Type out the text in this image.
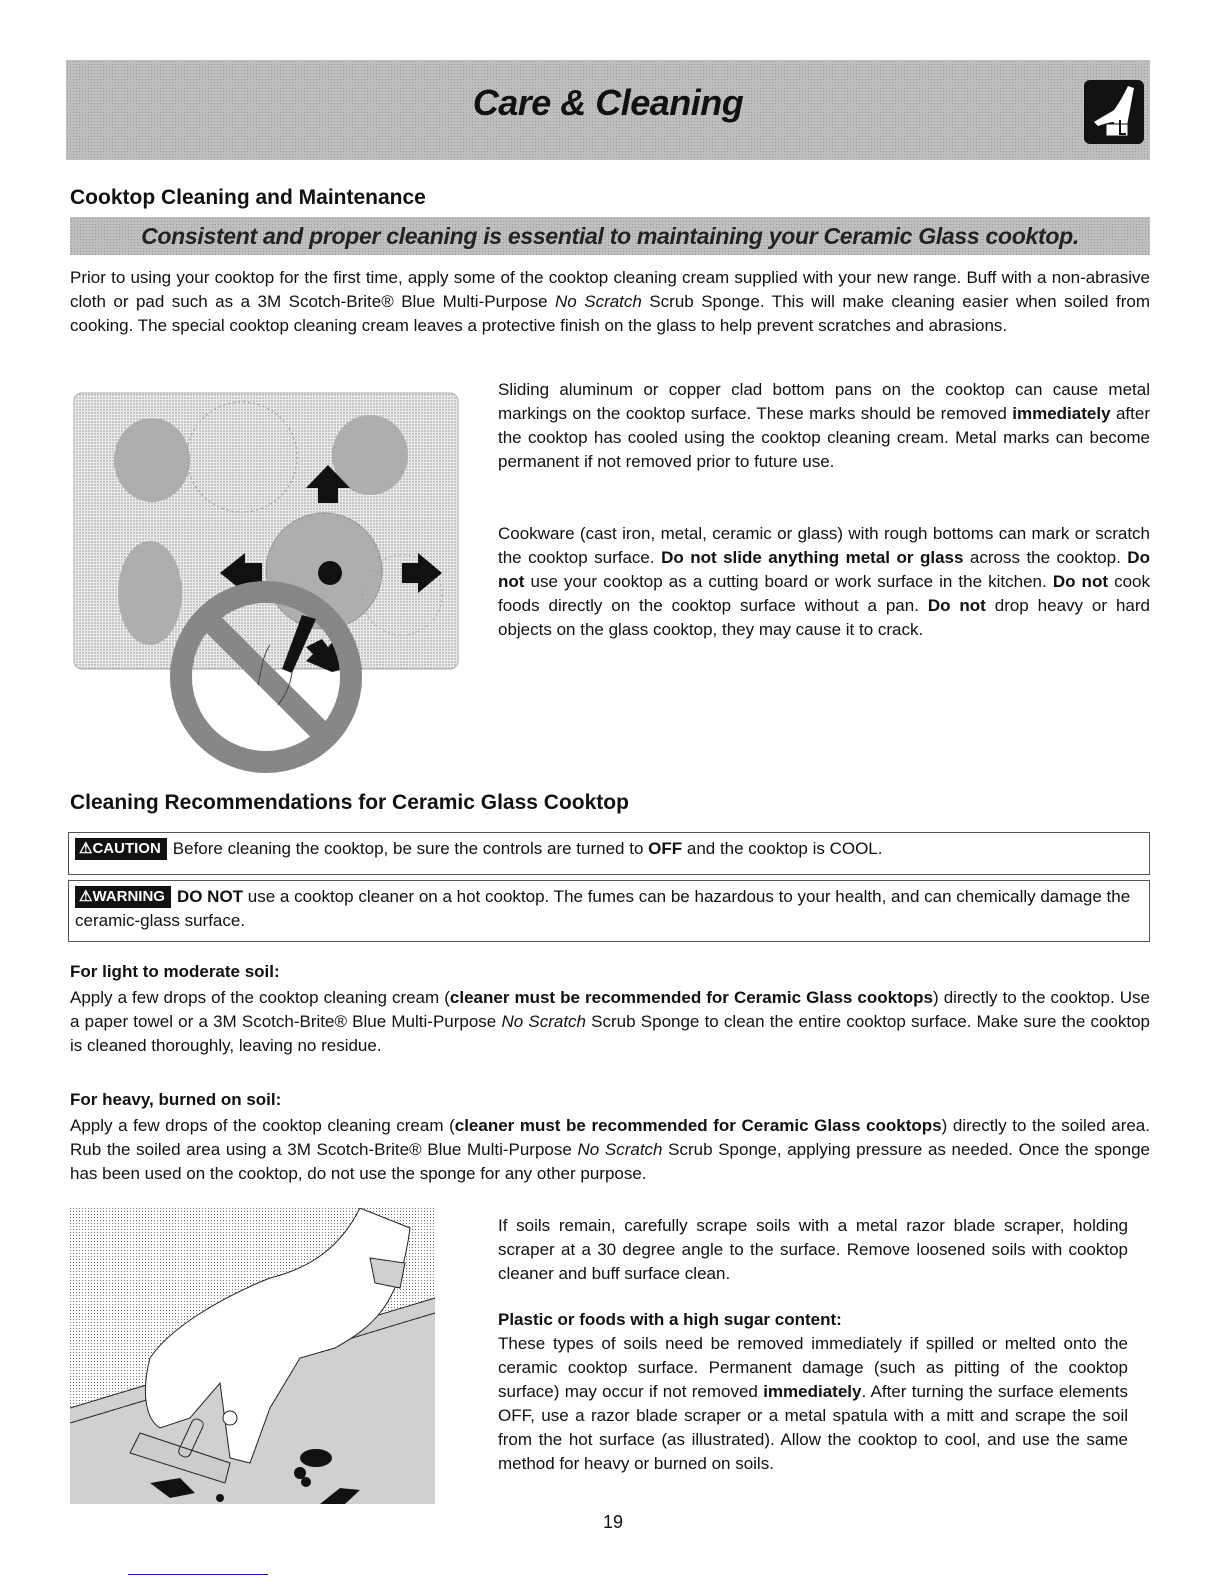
Care & Cleaning
Cooktop Cleaning and Maintenance
Consistent and proper cleaning is essential to maintaining your Ceramic Glass cooktop.

Prior to using your cooktop for the first time, apply some of the cooktop cleaning cream supplied with your new range. Buff with a non-abrasive cloth or pad such as a 3M Scotch-Brite® Blue Multi-Purpose No Scratch Scrub Sponge. This will make cleaning easier when soiled from cooking. The special cooktop cleaning cream leaves a protective finish on the glass to help prevent scratches and abrasions.

Sliding aluminum or copper clad bottom pans on the cooktop can cause metal markings on the cooktop surface. These marks should be removed immediately after the cooktop has cooled using the cooktop cleaning cream. Metal marks can become permanent if not removed prior to future use.

Cookware (cast iron, metal, ceramic or glass) with rough bottoms can mark or scratch the cooktop surface. Do not slide anything metal or glass across the cooktop. Do not use your cooktop as a cutting board or work surface in the kitchen. Do not cook foods directly on the cooktop surface without a pan. Do not drop heavy or hard objects on the glass cooktop, they may cause it to crack.

Cleaning Recommendations for Ceramic Glass Cooktop
⚠CAUTION Before cleaning the cooktop, be sure the controls are turned to OFF and the cooktop is COOL.
⚠WARNING DO NOT use a cooktop cleaner on a hot cooktop. The fumes can be hazardous to your health, and can chemically damage the ceramic-glass surface.
For light to moderate soil:

Apply a few drops of the cooktop cleaning cream (cleaner must be recommended for Ceramic Glass cooktops) directly to the cooktop. Use a paper towel or a 3M Scotch-Brite® Blue Multi-Purpose No Scratch Scrub Sponge to clean the entire cooktop surface. Make sure the cooktop is cleaned thoroughly, leaving no residue.

For heavy, burned on soil:

Apply a few drops of the cooktop cleaning cream (cleaner must be recommended for Ceramic Glass cooktops) directly to the soiled area. Rub the soiled area using a 3M Scotch-Brite® Blue Multi-Purpose No Scratch Scrub Sponge, applying pressure as needed. Once the sponge has been used on the cooktop, do not use the sponge for any other purpose.

If soils remain, carefully scrape soils with a metal razor blade scraper, holding scraper at a 30 degree angle to the surface. Remove loosened soils with cooktop cleaner and buff surface clean.

Plastic or foods with a high sugar content:

These types of soils need be removed immediately if spilled or melted onto the ceramic cooktop surface. Permanent damage (such as pitting of the cooktop surface) may occur if not removed immediately. After turning the surface elements OFF, use a razor blade scraper or a metal spatula with a mitt and scrape the soil from the hot surface (as illustrated). Allow the cooktop to cool, and use the same method for heavy or burned on soils.

19
